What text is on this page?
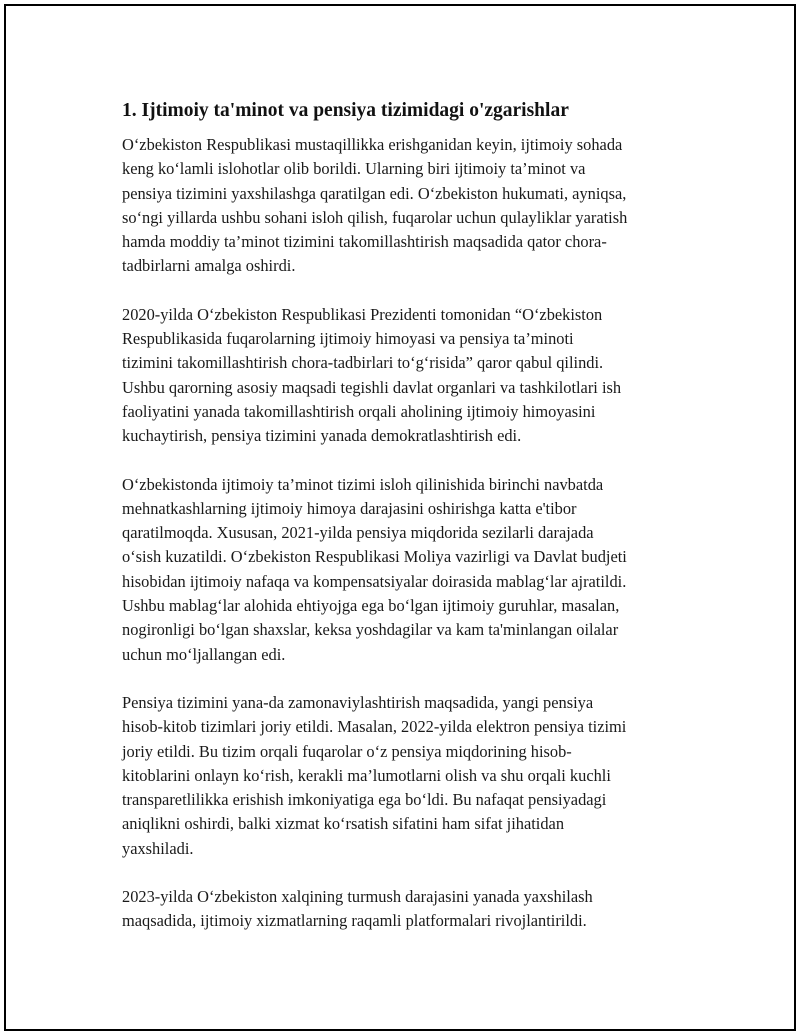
1. Ijtimoiy ta'minot va pensiya tizimidagi o'zgarishlar

O‘zbekiston Respublikasi mustaqillikka erishganidan keyin, ijtimoiy sohada
keng ko‘lamli islohotlar olib borildi. Ularning biri ijtimoiy ta’minot va
pensiya tizimini yaxshilashga qaratilgan edi. O‘zbekiston hukumati, ayniqsa,
so‘ngi yillarda ushbu sohani isloh qilish, fuqarolar uchun qulayliklar yaratish
hamda moddiy ta’minot tizimini takomillashtirish maqsadida qator chora-
tadbirlarni amalga oshirdi.

2020-yilda O‘zbekiston Respublikasi Prezidenti tomonidan “O‘zbekiston
Respublikasida fuqarolarning ijtimoiy himoyasi va pensiya ta’minoti
tizimini takomillashtirish chora-tadbirlari to‘g‘risida” qaror qabul qilindi.
Ushbu qarorning asosiy maqsadi tegishli davlat organlari va tashkilotlari ish
faoliyatini yanada takomillashtirish orqali aholining ijtimoiy himoyasini
kuchaytirish, pensiya tizimini yanada demokratlashtirish edi.

O‘zbekistonda ijtimoiy ta’minot tizimi isloh qilinishida birinchi navbatda
mehnatkashlarning ijtimoiy himoya darajasini oshirishga katta e'tibor
qaratilmoqda. Xususan, 2021-yilda pensiya miqdorida sezilarli darajada
o‘sish kuzatildi. O‘zbekiston Respublikasi Moliya vazirligi va Davlat budjeti
hisobidan ijtimoiy nafaqa va kompensatsiyalar doirasida mablag‘lar ajratildi.
Ushbu mablag‘lar alohida ehtiyojga ega bo‘lgan ijtimoiy guruhlar, masalan,
nogironligi bo‘lgan shaxslar, keksa yoshdagilar va kam ta'minlangan oilalar
uchun mo‘ljallangan edi.

Pensiya tizimini yana-da zamonaviylashtirish maqsadida, yangi pensiya
hisob-kitob tizimlari joriy etildi. Masalan, 2022-yilda elektron pensiya tizimi
joriy etildi. Bu tizim orqali fuqarolar o‘z pensiya miqdorining hisob-
kitoblarini onlayn ko‘rish, kerakli ma’lumotlarni olish va shu orqali kuchli
transparetlilikka erishish imkoniyatiga ega bo‘ldi. Bu nafaqat pensiyadagi
aniqlikni oshirdi, balki xizmat ko‘rsatish sifatini ham sifat jihatidan
yaxshiladi.

2023-yilda O‘zbekiston xalqining turmush darajasini yanada yaxshilash
maqsadida, ijtimoiy xizmatlarning raqamli platformalari rivojlantirildi.
